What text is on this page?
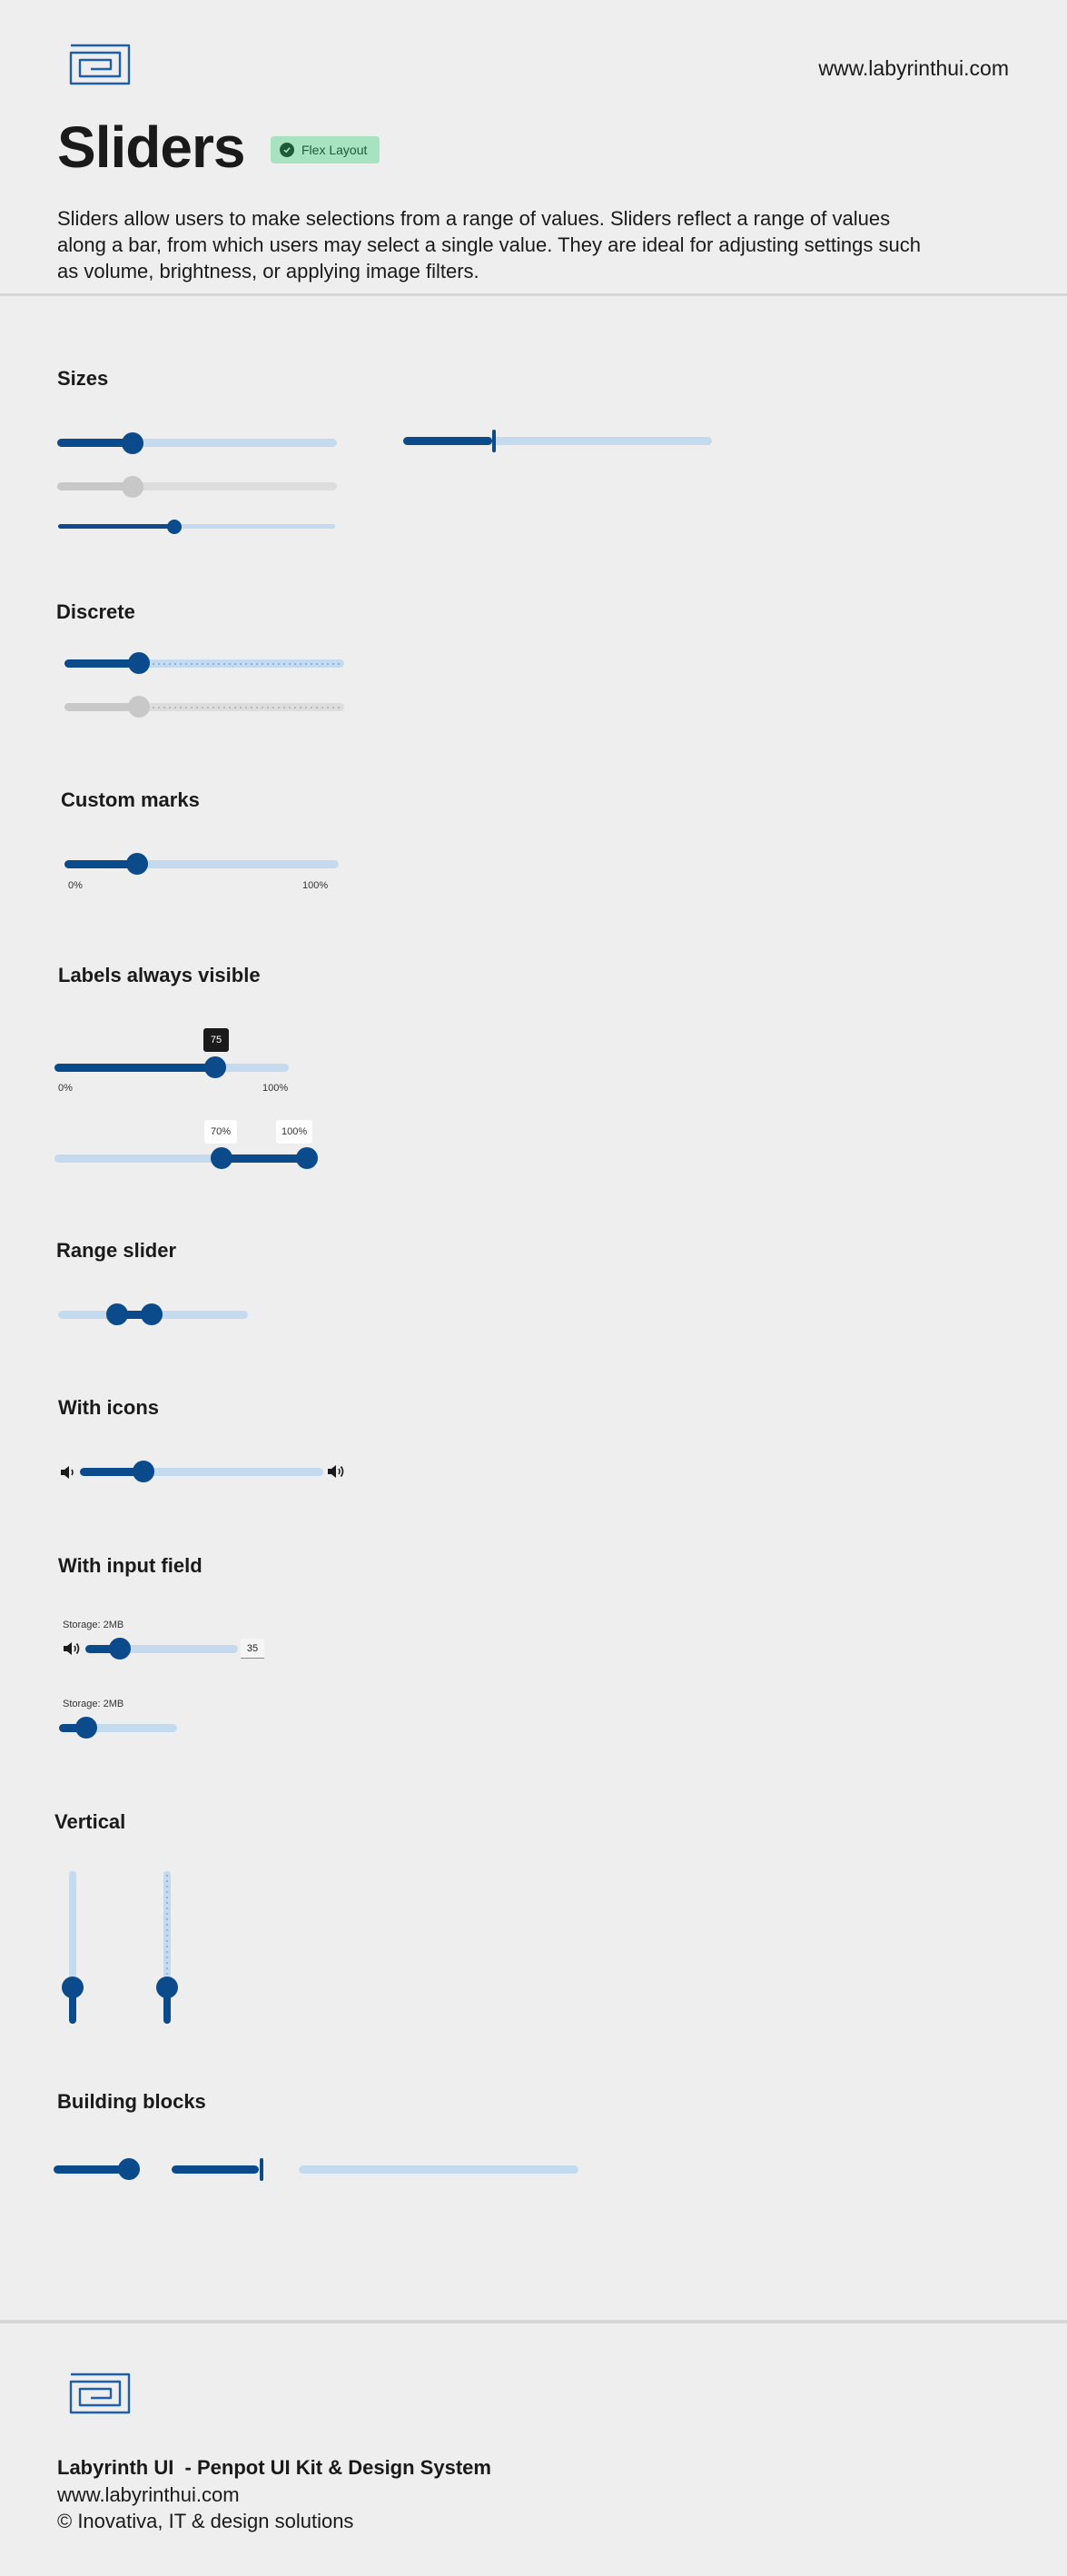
www.labyrinthui.com
Sliders	Flex Layout

Sliders allow users to make selections from a range of values. Sliders reflect a range of values along a bar, from which users may select a single value. They are ideal for adjusting settings such as volume, brightness, or applying image filters.

Sizes
Discrete
Custom marks
0%	100%
Labels always visible
75
0%	100%
70%	100%
Range slider
With icons
With input field
Storage: 2MB
35
Storage: 2MB
Vertical
Building blocks
Labyrinth UI  - Penpot UI Kit & Design System
www.labyrinthui.com
© Inovativa, IT & design solutions
